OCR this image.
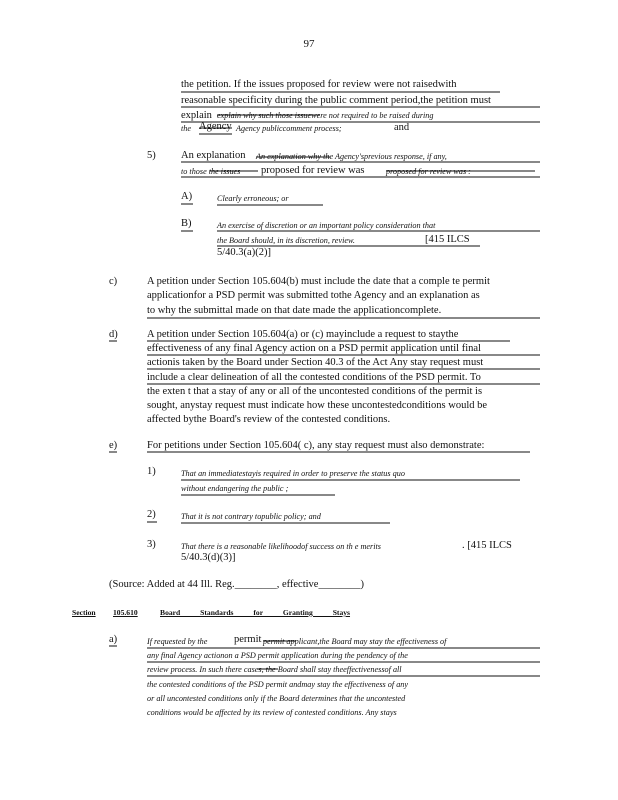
97
the petition. If the issues proposed for review were not raisedwith
reasonable specificity during the public comment period,the petition must
explain explain why such those issuewere not required to be raised during
the Agency Agency publiccomment process;	and
5) An explanation An explanation why the Agency'sprevious response, if any,
to those the issues proposed for review was	proposed for review was :
A)	Clearly erroneous; or
B)	An exercise of discretion or an important policy consideration that
the Board should, in its discretion, review.	[415 ILCS
5/40.3(a)(2)]
c)	A petition under Section 105.604(b) must include the date that a comple te permit
applicationfor a PSD permit was submitted tothe Agency and an explanation as
to why the submittal made on that date made the applicationcomplete.
d)	A petition under Section 105.604(a) or (c) mayinclude a request to staythe
effectiveness of any final Agency action on a PSD permit application until final
actionis taken by the Board under Section 40.3 of the Act Any stay request must
include a clear delineation of all the contested conditions of the PSD permit. To
the exten t that a stay of any or all of the uncontested conditions of the permit is
sought, anystay request must indicate how these uncontestedconditions would be
affected bythe Board's review of the contested conditions.
e)	For petitions under Section 105.604( c), any stay request must also demonstrate:
1)	That an immediatestayis required in order to preserve the status quo
without endangering the public ;
2)	That it is not contrary topublic policy; and
3)	That there is a reasonable likelihoodof success on th e merits	. [415 ILCS
5/40.3(d)(3)]
(Source: Added at 44 Ill. Reg.________, effective________)
Section 105.610	Board Standards for Granting Stays
a)	If requested by the	permit permit applicant,the Board may stay the effectiveness of
any final Agency actionon a PSD permit application during the pendency of the
review process. In such there cases, the Board shall stay theeffectivenessof all
the contested conditions of the PSD permit andmay stay the effectiveness of any
or all uncontested conditions only if the Board determines that the uncontested
conditions would be affected by its review of contested conditions. Any stays
